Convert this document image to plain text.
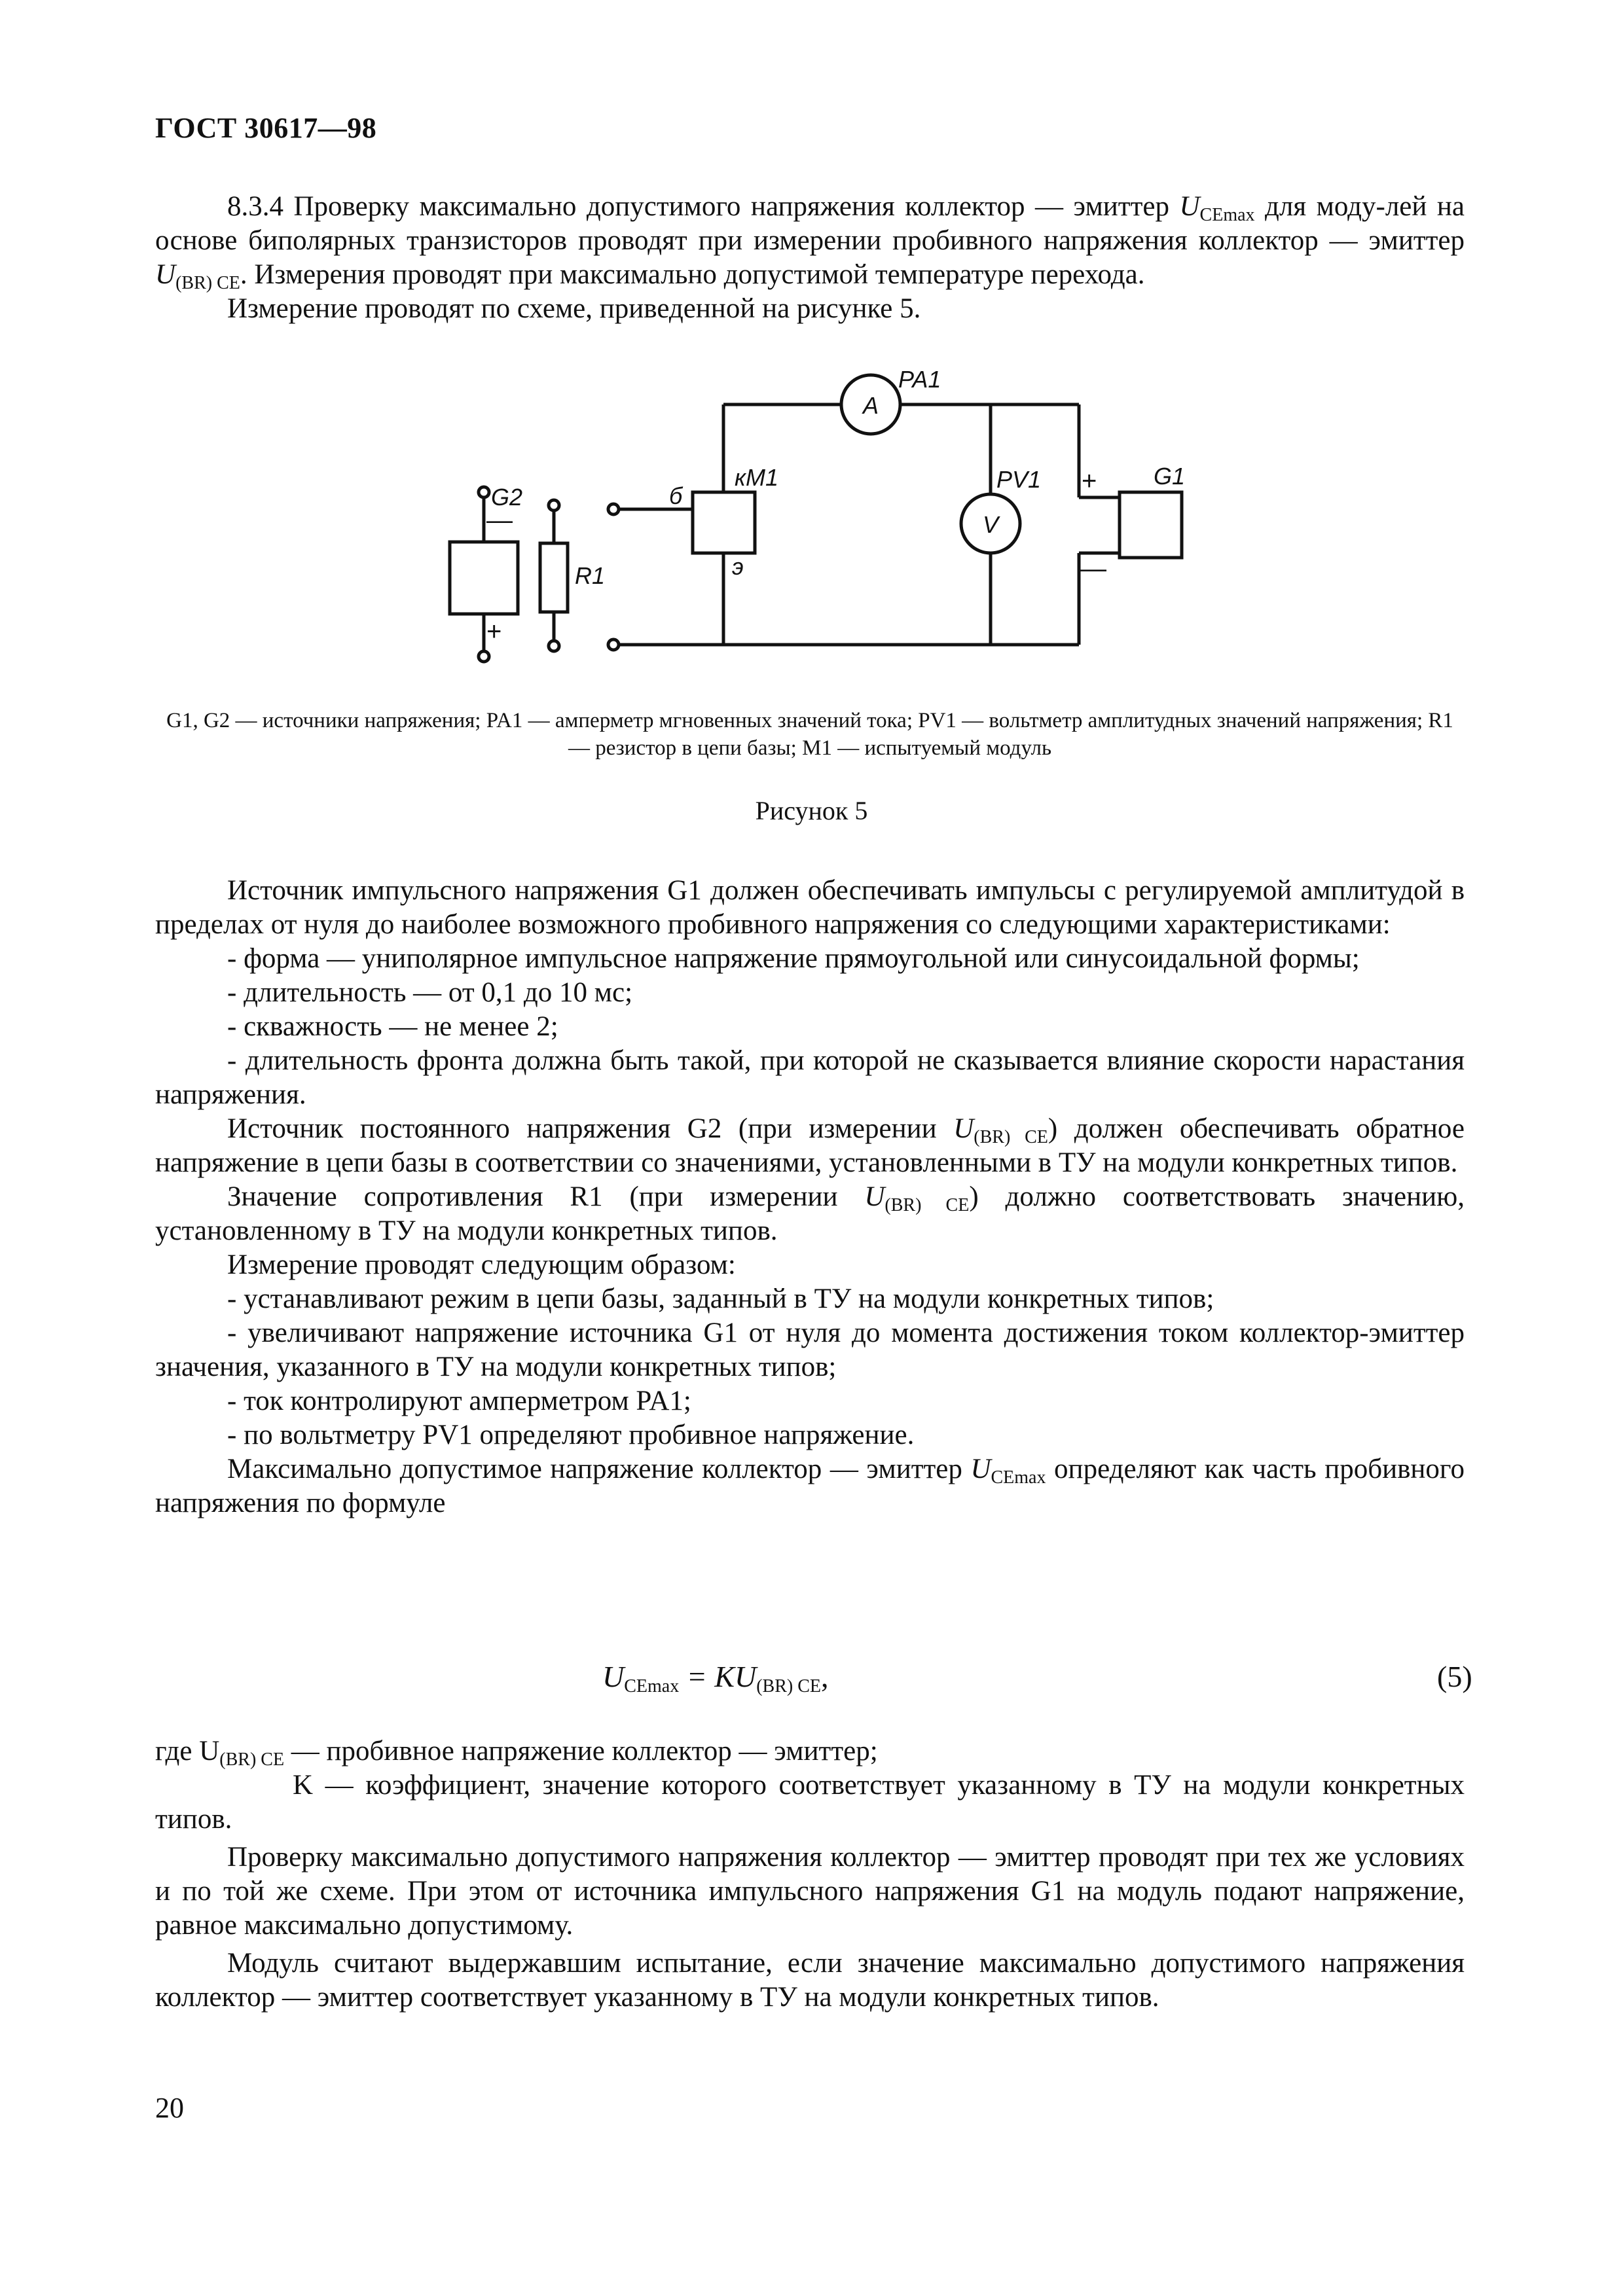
ГОСТ 30617—98

8.3.4 Проверку максимально допустимого напряжения коллектор — эмиттер $U_{CEmax}$ для моду-лей на основе биполярных транзисторов проводят при измерении пробивного напряжения коллектор — эмиттер $U_{(BR) CE}$. Измерения проводят при максимально допустимой температуре перехода.

Измерение проводят по схеме, приведенной на рисунке 5.

PA1
A
кM1
б
э
PV1
V
G1
G2
R1
+
—
—
+
G1, G2 — источники напряжения; PA1 — амперметр мгновенных значений тока; PV1 — вольтметр амплитудных значений напряжения; R1 — резистор в цепи базы; M1 — испытуемый модуль
Рисунок 5

Источник импульсного напряжения G1 должен обеспечивать импульсы с регулируемой амплитудой в пределах от нуля до наиболее возможного пробивного напряжения со следующими характеристиками:

- форма — униполярное импульсное напряжение прямоугольной или синусоидальной формы;

- длительность — от 0,1 до 10 мс;

- скважность — не менее 2;

- длительность фронта должна быть такой, при которой не сказывается влияние скорости нарастания напряжения.

Источник постоянного напряжения G2 (при измерении $U_{(BR) CE}$) должен обеспечивать обратное напряжение в цепи базы в соответствии со значениями, установленными в ТУ на модули конкретных типов.

Значение сопротивления R1 (при измерении $U_{(BR) CE}$) должно соответствовать значению, установленному в ТУ на модули конкретных типов.

Измерение проводят следующим образом:

- устанавливают режим в цепи базы, заданный в ТУ на модули конкретных типов;

- увеличивают напряжение источника G1 от нуля до момента достижения током коллектор-эмиттер значения, указанного в ТУ на модули конкретных типов;

- ток контролируют амперметром PA1;

- по вольтметру PV1 определяют пробивное напряжение.

Максимально допустимое напряжение коллектор — эмиттер $U_{CEmax}$ определяют как часть пробивного напряжения по формуле

$U_{CEmax} = KU_{(BR) CE}$,	(5)

где $U_{(BR) CE}$ — пробивное напряжение коллектор — эмиттер;

K — коэффициент, значение которого соответствует указанному в ТУ на модули конкретных типов.

Проверку максимально допустимого напряжения коллектор — эмиттер проводят при тех же условиях и по той же схеме. При этом от источника импульсного напряжения G1 на модуль подают напряжение, равное максимально допустимому.

Модуль считают выдержавшим испытание, если значение максимально допустимого напряжения коллектор — эмиттер соответствует указанному в ТУ на модули конкретных типов.

20
